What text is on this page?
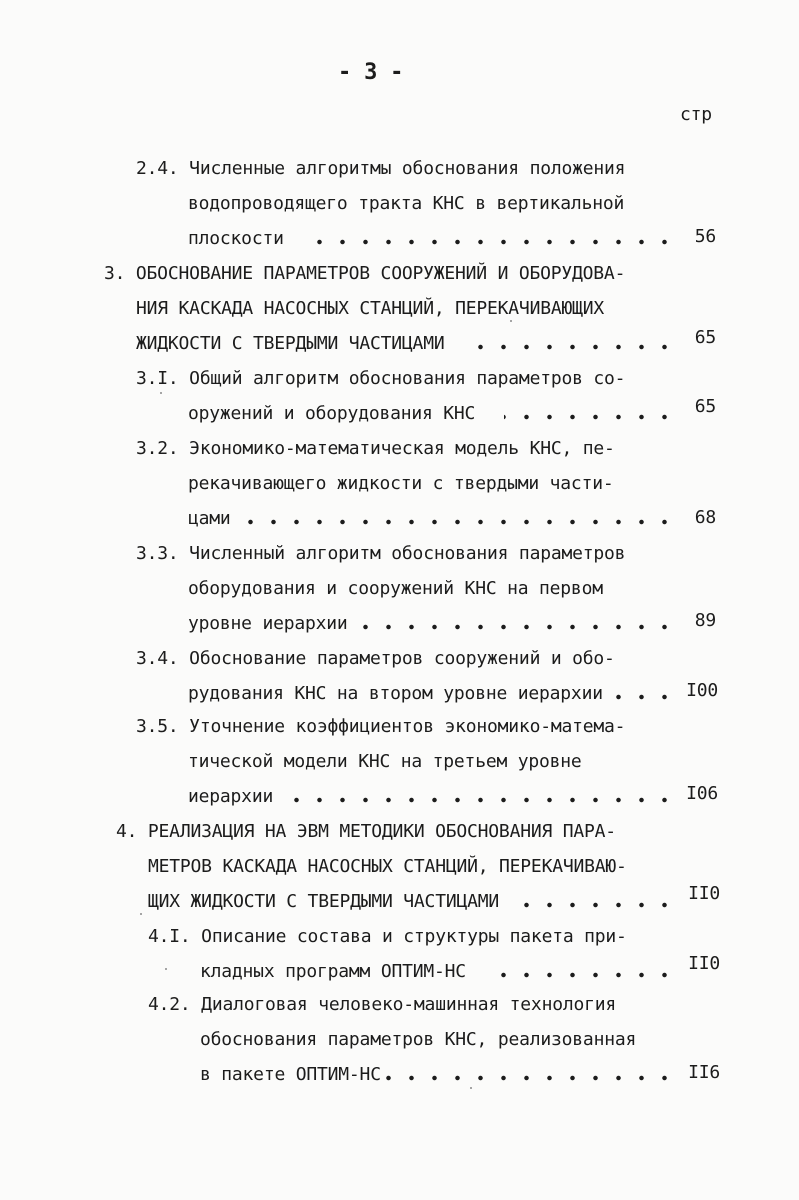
- 3 -
стр
2.4. Численные алгоритмы обоснования положения
водопроводящего тракта КНС в вертикальной
плоскости	56
3. ОБОСНОВАНИЕ ПАРАМЕТРОВ СООРУЖЕНИЙ И ОБОРУДОВА-
НИЯ КАСКАДА НАСОСНЫХ СТАНЦИЙ, ПЕРЕКАЧИВАЮЩИХ
ЖИДКОСТИ С ТВЕРДЫМИ ЧАСТИЦАМИ	65
3.I. Общий алгоритм обоснования параметров со-
оружений и оборудования КНС	65
3.2. Экономико-математическая модель КНС, пе-
рекачивающего жидкости с твердыми части-
цами	68
3.3. Численный алгоритм обоснования параметров
оборудования и сооружений КНС на первом
уровне иерархии	89
3.4. Обоснование параметров сооружений и обо-
рудования КНС на втором уровне иерархии	I00
3.5. Уточнение коэффициентов экономико-матема-
тической модели КНС на третьем уровне
иерархии	I06
4. РЕАЛИЗАЦИЯ НА ЭВМ МЕТОДИКИ ОБОСНОВАНИЯ ПАРА-
МЕТРОВ КАСКАДА НАСОСНЫХ СТАНЦИЙ, ПЕРЕКАЧИВАЮ-
ЩИХ ЖИДКОСТИ С ТВЕРДЫМИ ЧАСТИЦАМИ	II0
4.I. Описание состава и структуры пакета при-
кладных программ ОПТИМ-НС	II0
4.2. Диалоговая человеко-машинная технология
обоснования параметров КНС, реализованная
в пакете ОПТИМ-НС	II6
